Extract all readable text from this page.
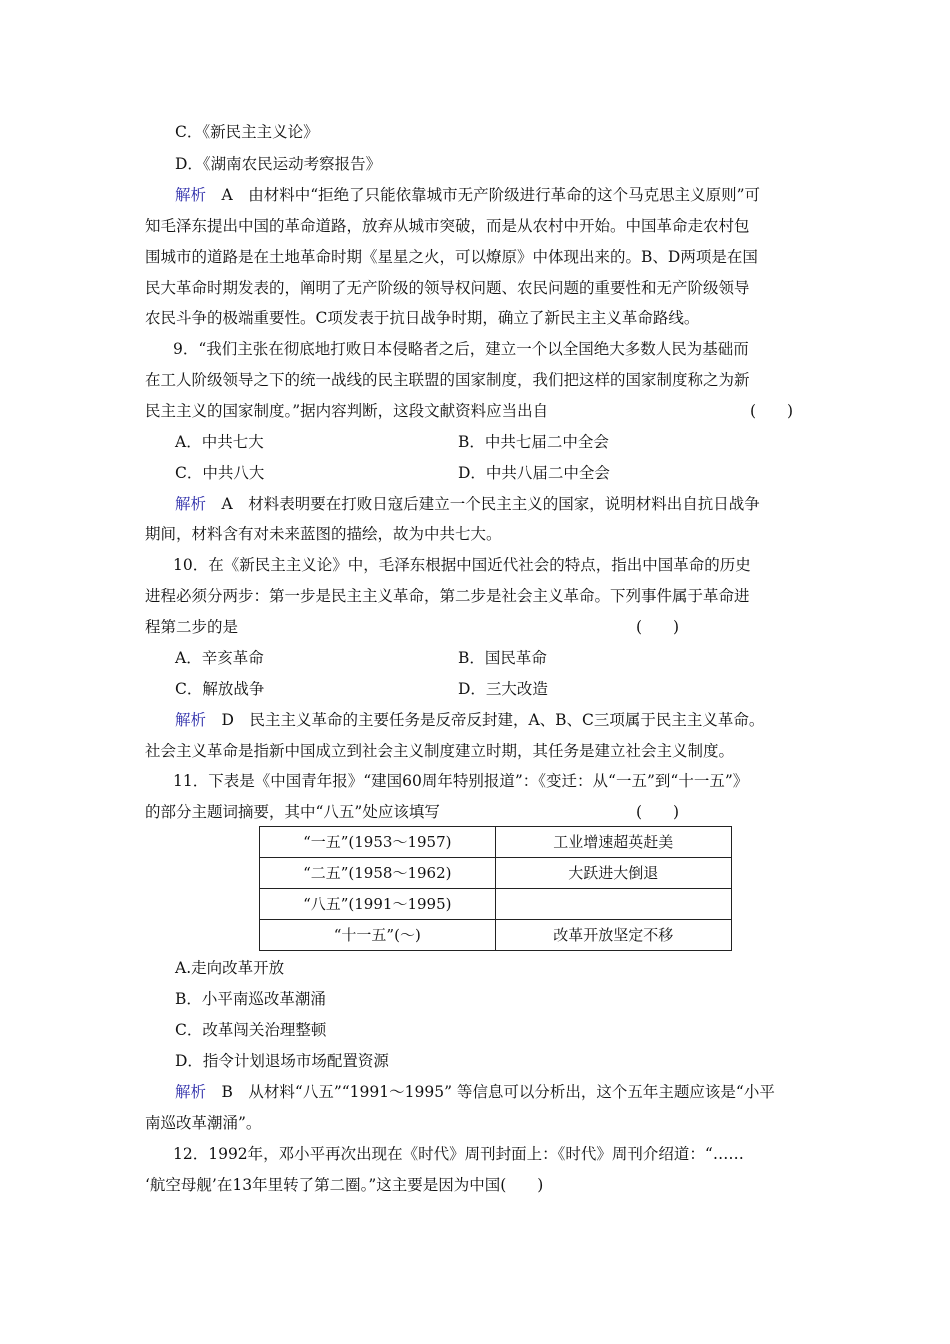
C．《新民主主义论》
D．《湖南农民运动考察报告》
解析　A　由材料中“拒绝了只能依靠城市无产阶级进行革命的这个马克思主义原则”可
知毛泽东提出中国的革命道路，放弃从城市突破，而是从农村中开始。中国革命走农村包
围城市的道路是在土地革命时期《星星之火，可以燎原》中体现出来的。B、D两项是在国
民大革命时期发表的，阐明了无产阶级的领导权问题、农民问题的重要性和无产阶级领导
农民斗争的极端重要性。C项发表于抗日战争时期，确立了新民主主义革命路线。
9．“我们主张在彻底地打败日本侵略者之后，建立一个以全国绝大多数人民为基础而
在工人阶级领导之下的统一战线的民主联盟的国家制度，我们把这样的国家制度称之为新
民主主义的国家制度。”据内容判断，这段文献资料应当出自	(　　)
A．中共七大	B．中共七届二中全会
C．中共八大	D．中共八届二中全会
解析　A　材料表明要在打败日寇后建立一个民主主义的国家，说明材料出自抗日战争
期间，材料含有对未来蓝图的描绘，故为中共七大。
10．在《新民主主义论》中，毛泽东根据中国近代社会的特点，指出中国革命的历史
进程必须分两步：第一步是民主主义革命，第二步是社会主义革命。下列事件属于革命进
程第二步的是	(　　)
A．辛亥革命	B．国民革命
C．解放战争	D．三大改造
解析　D　民主主义革命的主要任务是反帝反封建，A、B、C三项属于民主主义革命。
社会主义革命是指新中国成立到社会主义制度建立时期，其任务是建立社会主义制度。
11．下表是《中国青年报》“建国60周年特别报道”：《变迁：从“一五”到“十一五”》
的部分主题词摘要，其中“八五”处应该填写	(　　)
“一五”(1953～1957)	工业增速超英赶美
“二五”(1958～1962)	大跃进大倒退
“八五”(1991～1995)	
“十一五”(～)	改革开放坚定不移
A.走向改革开放
B．小平南巡改革潮涌
C．改革闯关治理整顿
D．指令计划退场市场配置资源
解析　B　从材料“八五”“1991～1995” 等信息可以分析出，这个五年主题应该是“小平
南巡改革潮涌”。
12．1992年，邓小平再次出现在《时代》周刊封面上：《时代》周刊介绍道：“……
‘航空母舰’在13年里转了第二圈。”这主要是因为中国(　　)
